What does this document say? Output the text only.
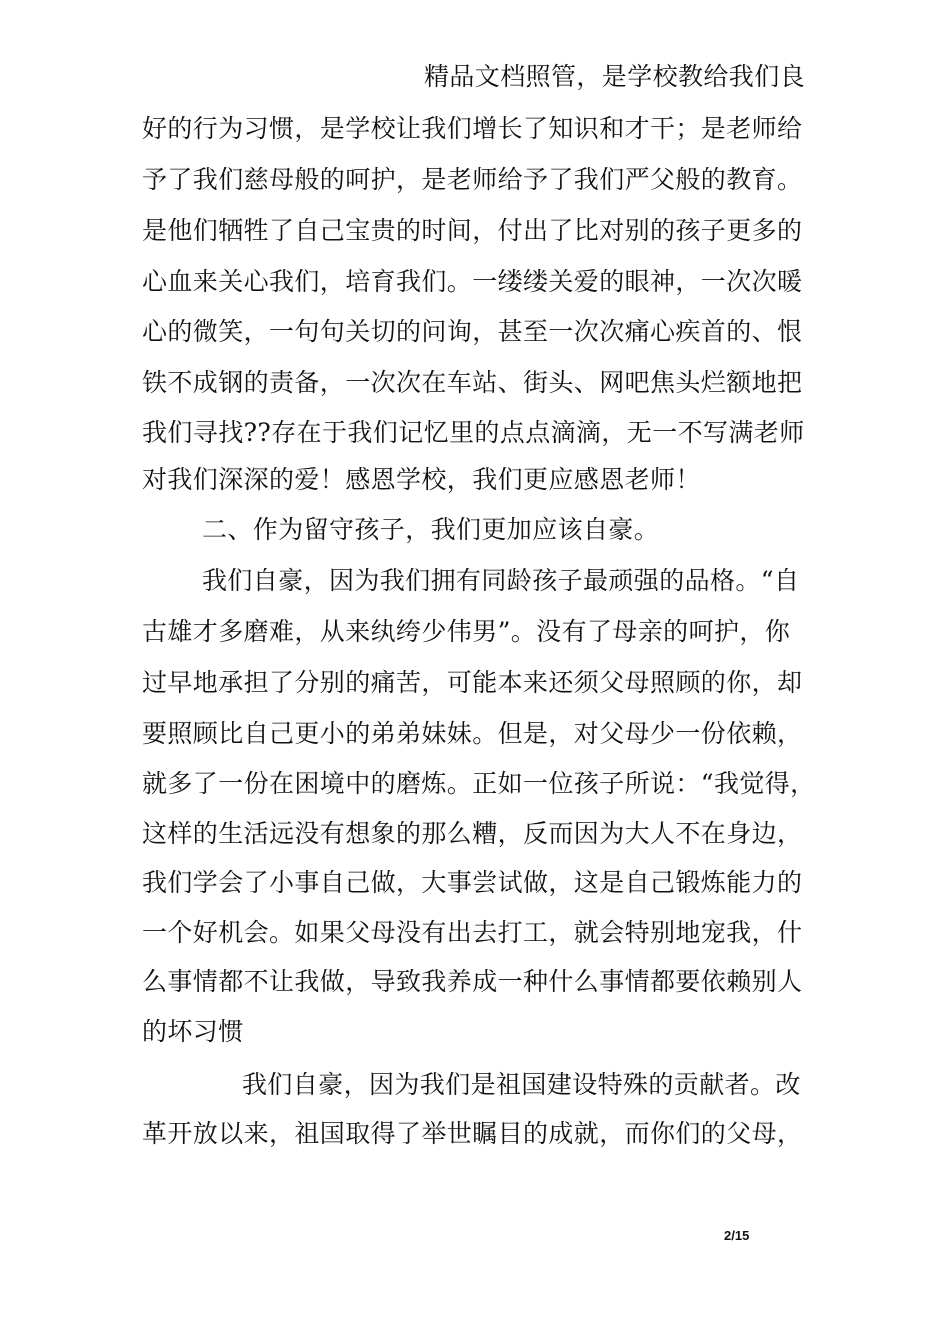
精品文档照管，是学校教给我们良
好的行为习惯，是学校让我们增长了知识和才干；是老师给
予了我们慈母般的呵护，是老师给予了我们严父般的教育。
是他们牺牲了自己宝贵的时间，付出了比对别的孩子更多的
心血来关心我们，培育我们。一缕缕关爱的眼神，一次次暖
心的微笑，一句句关切的问询，甚至一次次痛心疾首的、恨
铁不成钢的责备，一次次在车站、街头、网吧焦头烂额地把
我们寻找??存在于我们记忆里的点点滴滴，无一不写满老师
对我们深深的爱！感恩学校，我们更应感恩老师！
二、作为留守孩子，我们更加应该自豪。
我们自豪，因为我们拥有同龄孩子最顽强的品格。“自
古雄才多磨难，从来纨绔少伟男”。没有了母亲的呵护，你
过早地承担了分别的痛苦，可能本来还须父母照顾的你，却
要照顾比自己更小的弟弟妹妹。但是，对父母少一份依赖，
就多了一份在困境中的磨炼。正如一位孩子所说：“我觉得，
这样的生活远没有想象的那么糟，反而因为大人不在身边，
我们学会了小事自己做，大事尝试做，这是自己锻炼能力的
一个好机会。如果父母没有出去打工，就会特别地宠我，什
么事情都不让我做，导致我养成一种什么事情都要依赖别人
的坏习惯
我们自豪，因为我们是祖国建设特殊的贡献者。改
革开放以来，祖国取得了举世瞩目的成就，而你们的父母，
2/15
